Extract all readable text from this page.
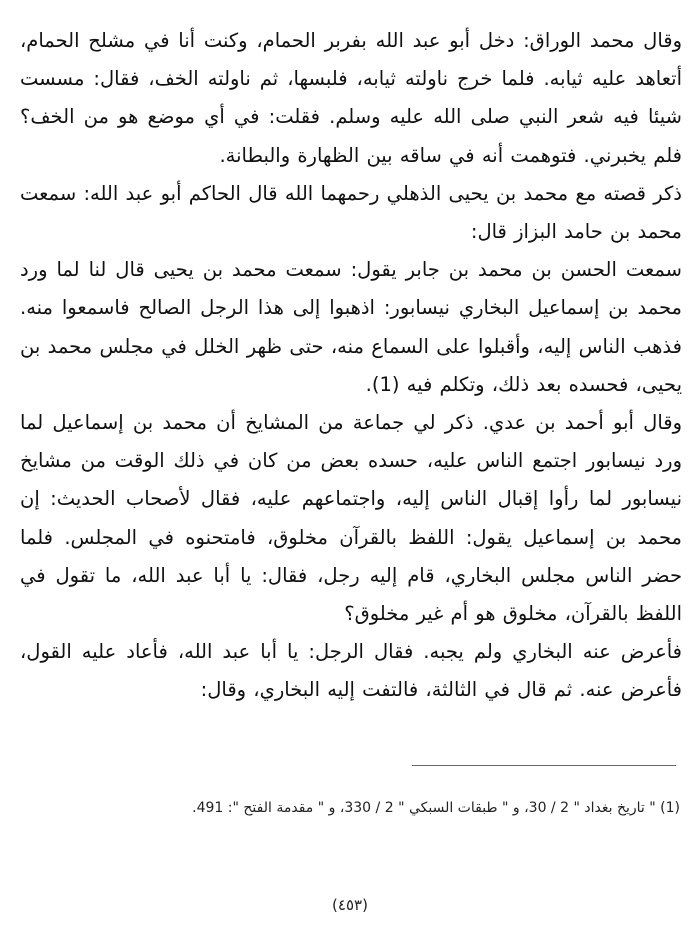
وقال محمد الوراق: دخل أبو عبد الله بفربر الحمام، وكنت أنا في مشلح الحمام، أتعاهد عليه ثيابه. فلما خرج ناولته ثيابه، فلبسها، ثم ناولته الخف، فقال: مسست شيئا فيه شعر النبي صلى الله عليه وسلم. فقلت: في أي موضع هو من الخف؟ فلم يخبرني. فتوهمت أنه في ساقه بين الظهارة والبطانة.

ذكر قصته مع محمد بن يحيى الذهلي رحمهما الله قال الحاكم أبو عبد الله: سمعت محمد بن حامد البزاز قال:

سمعت الحسن بن محمد بن جابر يقول: سمعت محمد بن يحيى قال لنا لما ورد محمد بن إسماعيل البخاري نيسابور: اذهبوا إلى هذا الرجل الصالح فاسمعوا منه. فذهب الناس إليه، وأقبلوا على السماع منه، حتى ظهر الخلل في مجلس محمد بن يحيى، فحسده بعد ذلك، وتكلم فيه (1).

وقال أبو أحمد بن عدي. ذكر لي جماعة من المشايخ أن محمد بن إسماعيل لما ورد نيسابور اجتمع الناس عليه، حسده بعض من كان في ذلك الوقت من مشايخ نيسابور لما رأوا إقبال الناس إليه، واجتماعهم عليه، فقال لأصحاب الحديث: إن محمد بن إسماعيل يقول: اللفظ بالقرآن مخلوق، فامتحنوه في المجلس. فلما حضر الناس مجلس البخاري، قام إليه رجل، فقال: يا أبا عبد الله، ما تقول في اللفظ بالقرآن، مخلوق هو أم غير مخلوق؟

فأعرض عنه البخاري ولم يجبه. فقال الرجل: يا أبا عبد الله، فأعاد عليه القول، فأعرض عنه. ثم قال في الثالثة، فالتفت إليه البخاري، وقال:

(1) " تاريخ بغداد " 2 / 30، و " طبقات السبكي " 2 / 330، و " مقدمة الفتح ": 491.
(٤٥٣)
